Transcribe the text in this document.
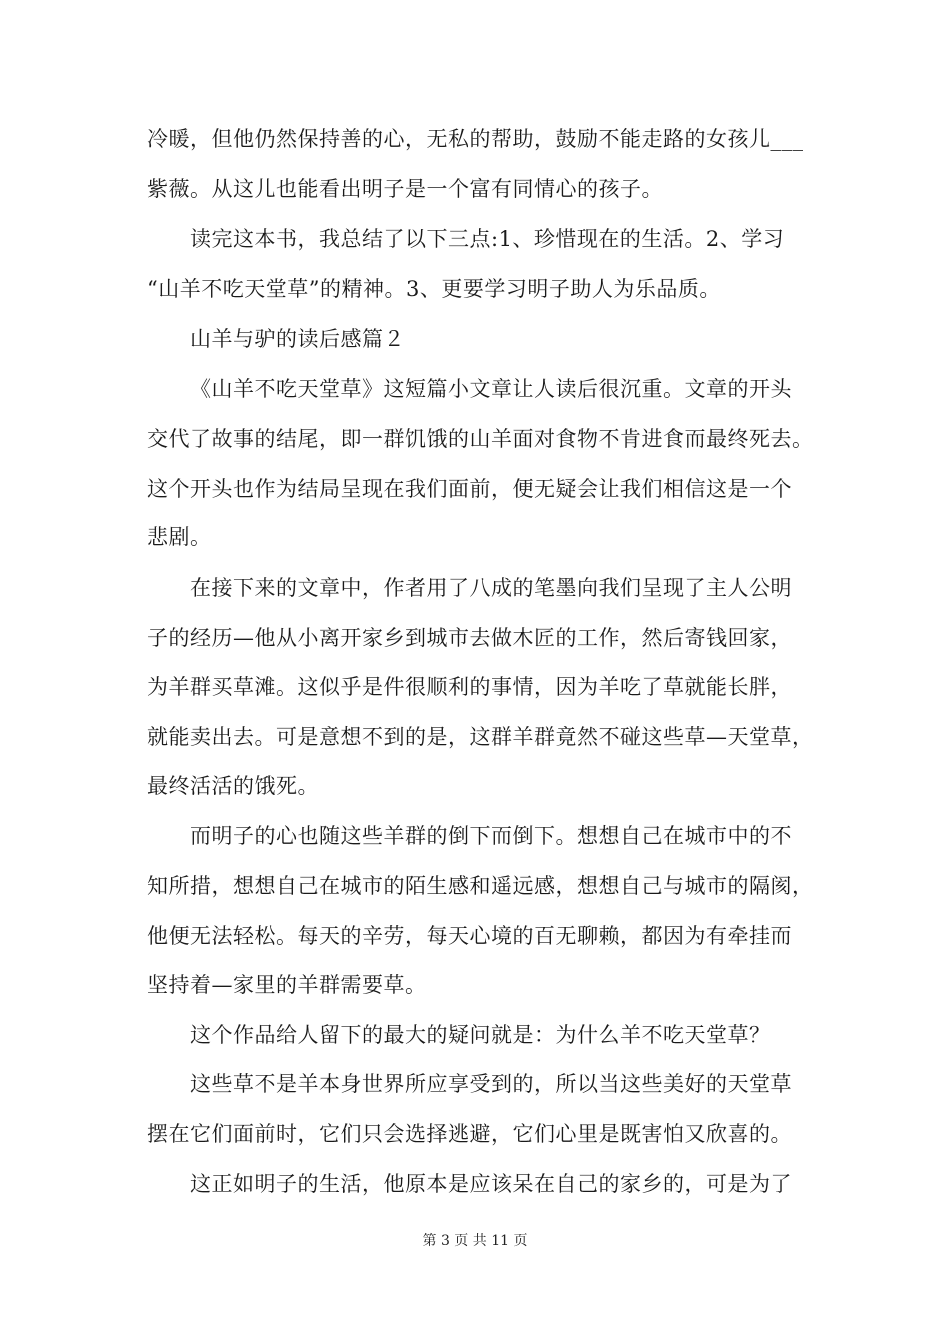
冷暖，但他仍然保持善的心，无私的帮助，鼓励不能走路的女孩儿___
紫薇。从这儿也能看出明子是一个富有同情心的孩子。
读完这本书，我总结了以下三点:1、珍惜现在的生活。2、学习
“山羊不吃天堂草”的精神。3、更要学习明子助人为乐品质。
山羊与驴的读后感篇２
《山羊不吃天堂草》这短篇小文章让人读后很沉重。文章的开头
交代了故事的结尾，即一群饥饿的山羊面对食物不肯进食而最终死去。
这个开头也作为结局呈现在我们面前，便无疑会让我们相信这是一个
悲剧。
在接下来的文章中，作者用了八成的笔墨向我们呈现了主人公明
子的经历—他从小离开家乡到城市去做木匠的工作，然后寄钱回家，
为羊群买草滩。这似乎是件很顺利的事情，因为羊吃了草就能长胖，
就能卖出去。可是意想不到的是，这群羊群竟然不碰这些草—天堂草，
最终活活的饿死。
而明子的心也随这些羊群的倒下而倒下。想想自己在城市中的不
知所措，想想自己在城市的陌生感和遥远感，想想自己与城市的隔阂，
他便无法轻松。每天的辛劳，每天心境的百无聊赖，都因为有牵挂而
坚持着—家里的羊群需要草。
这个作品给人留下的最大的疑问就是：为什么羊不吃天堂草？
这些草不是羊本身世界所应享受到的，所以当这些美好的天堂草
摆在它们面前时，它们只会选择逃避，它们心里是既害怕又欣喜的。
这正如明子的生活，他原本是应该呆在自己的家乡的，可是为了
第 3 页 共 11 页
